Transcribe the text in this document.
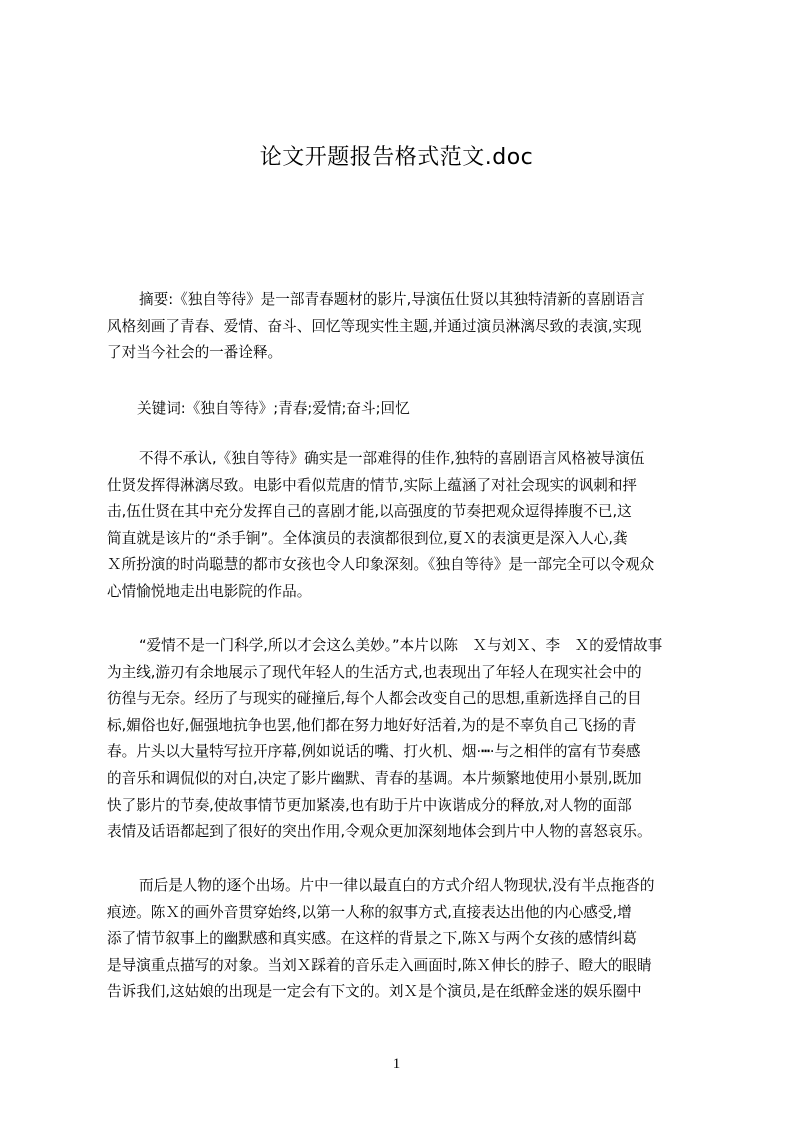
论文开题报告格式范文.doc

摘要:《独自等待》是一部青春题材的影片,导演伍仕贤以其独特清新的喜剧语言
风格刻画了青春、爱情、奋斗、回忆等现实性主题,并通过演员淋漓尽致的表演,实现
了对当今社会的一番诠释。

关键词:《独自等待》;青春;爱情;奋斗;回忆

不得不承认,《独自等待》确实是一部难得的佳作,独特的喜剧语言风格被导演伍
仕贤发挥得淋漓尽致。电影中看似荒唐的情节,实际上蕴涵了对社会现实的讽刺和抨
击,伍仕贤在其中充分发挥自己的喜剧才能,以高强度的节奏把观众逗得捧腹不已,这
简直就是该片的“杀手锏”。全体演员的表演都很到位,夏Ｘ的表演更是深入人心,龚
Ｘ所扮演的时尚聪慧的都市女孩也令人印象深刻。《独自等待》是一部完全可以令观众
心情愉悦地走出电影院的作品。

“爱情不是一门科学,所以才会这么美妙。”本片以陈　Ｘ与刘Ｘ、李　Ｘ的爱情故事
为主线,游刃有余地展示了现代年轻人的生活方式,也表现出了年轻人在现实社会中的
彷徨与无奈。经历了与现实的碰撞后,每个人都会改变自己的思想,重新选择自己的目
标,媚俗也好,倔强地抗争也罢,他们都在努力地好好活着,为的是不辜负自己飞扬的青
春。片头以大量特写拉开序幕,例如说话的嘴、打火机、烟·┅·与之相伴的富有节奏感
的音乐和调侃似的对白,决定了影片幽默、青春的基调。本片频繁地使用小景别,既加
快了影片的节奏,使故事情节更加紧凑,也有助于片中诙谐成分的释放,对人物的面部
表情及话语都起到了很好的突出作用,令观众更加深刻地体会到片中人物的喜怒哀乐。

而后是人物的逐个出场。片中一律以最直白的方式介绍人物现状,没有半点拖沓的
痕迹。陈Ｘ的画外音贯穿始终,以第一人称的叙事方式,直接表达出他的内心感受,增
添了情节叙事上的幽默感和真实感。在这样的背景之下,陈Ｘ与两个女孩的感情纠葛
是导演重点描写的对象。当刘Ｘ踩着的音乐走入画面时,陈Ｘ伸长的脖子、瞪大的眼睛
告诉我们,这姑娘的出现是一定会有下文的。刘Ｘ是个演员,是在纸醉金迷的娱乐圈中

1
